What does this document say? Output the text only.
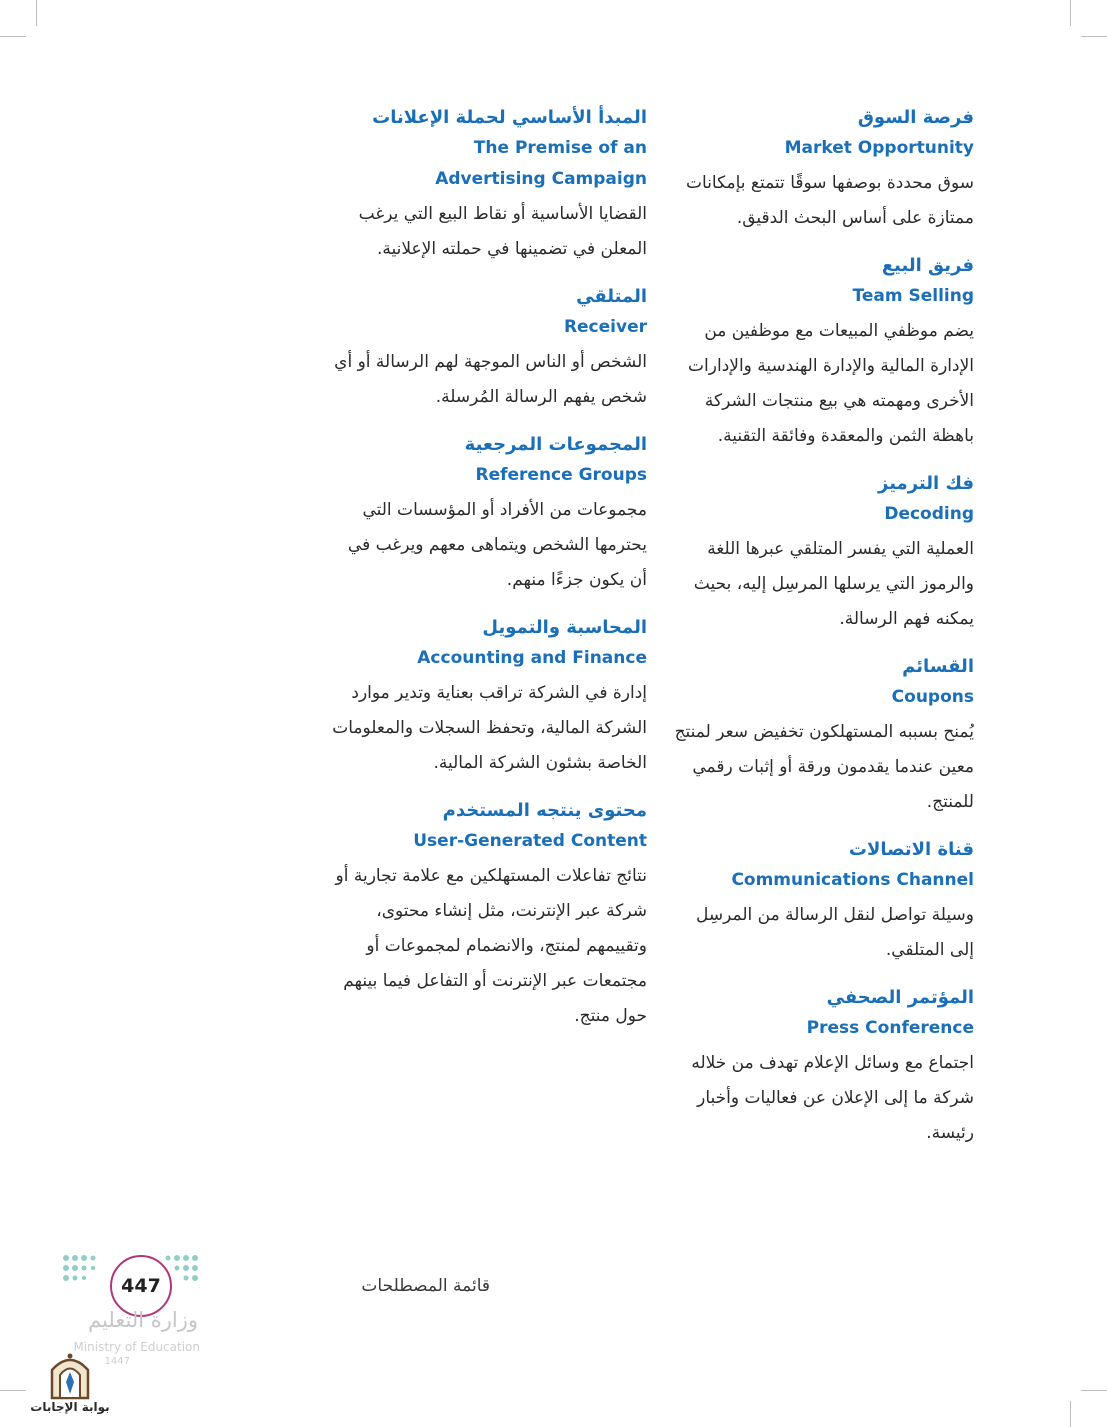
فرصة السوق
Market Opportunity
سوق محددة بوصفها سوقًا تتمتع بإمكانات ممتازة على أساس البحث الدقيق.
فريق البيع
Team Selling
يضم موظفي المبيعات مع موظفين من الإدارة المالية والإدارة الهندسية والإدارات الأخرى ومهمته هي بيع منتجات الشركة باهظة الثمن والمعقدة وفائقة التقنية.
فك الترميز
Decoding
العملية التي يفسر المتلقي عبرها اللغة والرموز التي يرسلها المرسِل إليه، بحيث يمكنه فهم الرسالة.
القسائم
Coupons
يُمنح بسببه المستهلكون تخفيض سعر لمنتج معين عندما يقدمون ورقة أو إثبات رقمي للمنتج.
قناة الاتصالات
Communications Channel
وسيلة تواصل لنقل الرسالة من المرسِل إلى المتلقي.
المؤتمر الصحفي
Press Conference
اجتماع مع وسائل الإعلام تهدف من خلاله شركة ما إلى الإعلان عن فعاليات وأخبار رئيسة.
المبدأ الأساسي لحملة الإعلانات
The Premise of an Advertising Campaign
القضايا الأساسية أو نقاط البيع التي يرغب المعلن في تضمينها في حملته الإعلانية.
المتلقي
Receiver
الشخص أو الناس الموجهة لهم الرسالة أو أي شخص يفهم الرسالة المُرسلة.
المجموعات المرجعية
Reference Groups
مجموعات من الأفراد أو المؤسسات التي يحترمها الشخص ويتماهى معهم ويرغب في أن يكون جزءًا منهم.
المحاسبة والتمويل
Accounting and Finance
إدارة في الشركة تراقب بعناية وتدير موارد الشركة المالية، وتحفظ السجلات والمعلومات الخاصة بشئون الشركة المالية.
محتوى ينتجه المستخدم
User-Generated Content
نتائج تفاعلات المستهلكين مع علامة تجارية أو شركة عبر الإنترنت، مثل إنشاء محتوى، وتقييمهم لمنتج، والانضمام لمجموعات أو مجتمعات عبر الإنترنت أو التفاعل فيما بينهم حول منتج.
قائمة المصطلحات
447
وزارة التعليم
Ministry of Education
1447
بوابة الإجابات
